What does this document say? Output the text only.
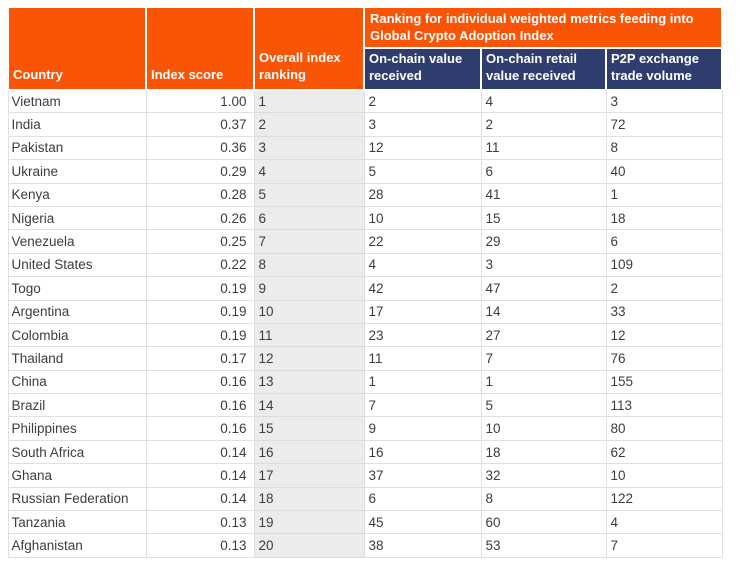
Country	Index score	Overall index ranking	Ranking for individual weighted metrics feeding into Global Crypto Adoption Index		
			On-chain value received	On-chain retail value received	P2P exchange trade volume
Vietnam	1.00	1	2	4	3
India	0.37	2	3	2	72
Pakistan	0.36	3	12	11	8
Ukraine	0.29	4	5	6	40
Kenya	0.28	5	28	41	1
Nigeria	0.26	6	10	15	18
Venezuela	0.25	7	22	29	6
United States	0.22	8	4	3	109
Togo	0.19	9	42	47	2
Argentina	0.19	10	17	14	33
Colombia	0.19	11	23	27	12
Thailand	0.17	12	11	7	76
China	0.16	13	1	1	155
Brazil	0.16	14	7	5	113
Philippines	0.16	15	9	10	80
South Africa	0.14	16	16	18	62
Ghana	0.14	17	37	32	10
Russian Federation	0.14	18	6	8	122
Tanzania	0.13	19	45	60	4
Afghanistan	0.13	20	38	53	7
